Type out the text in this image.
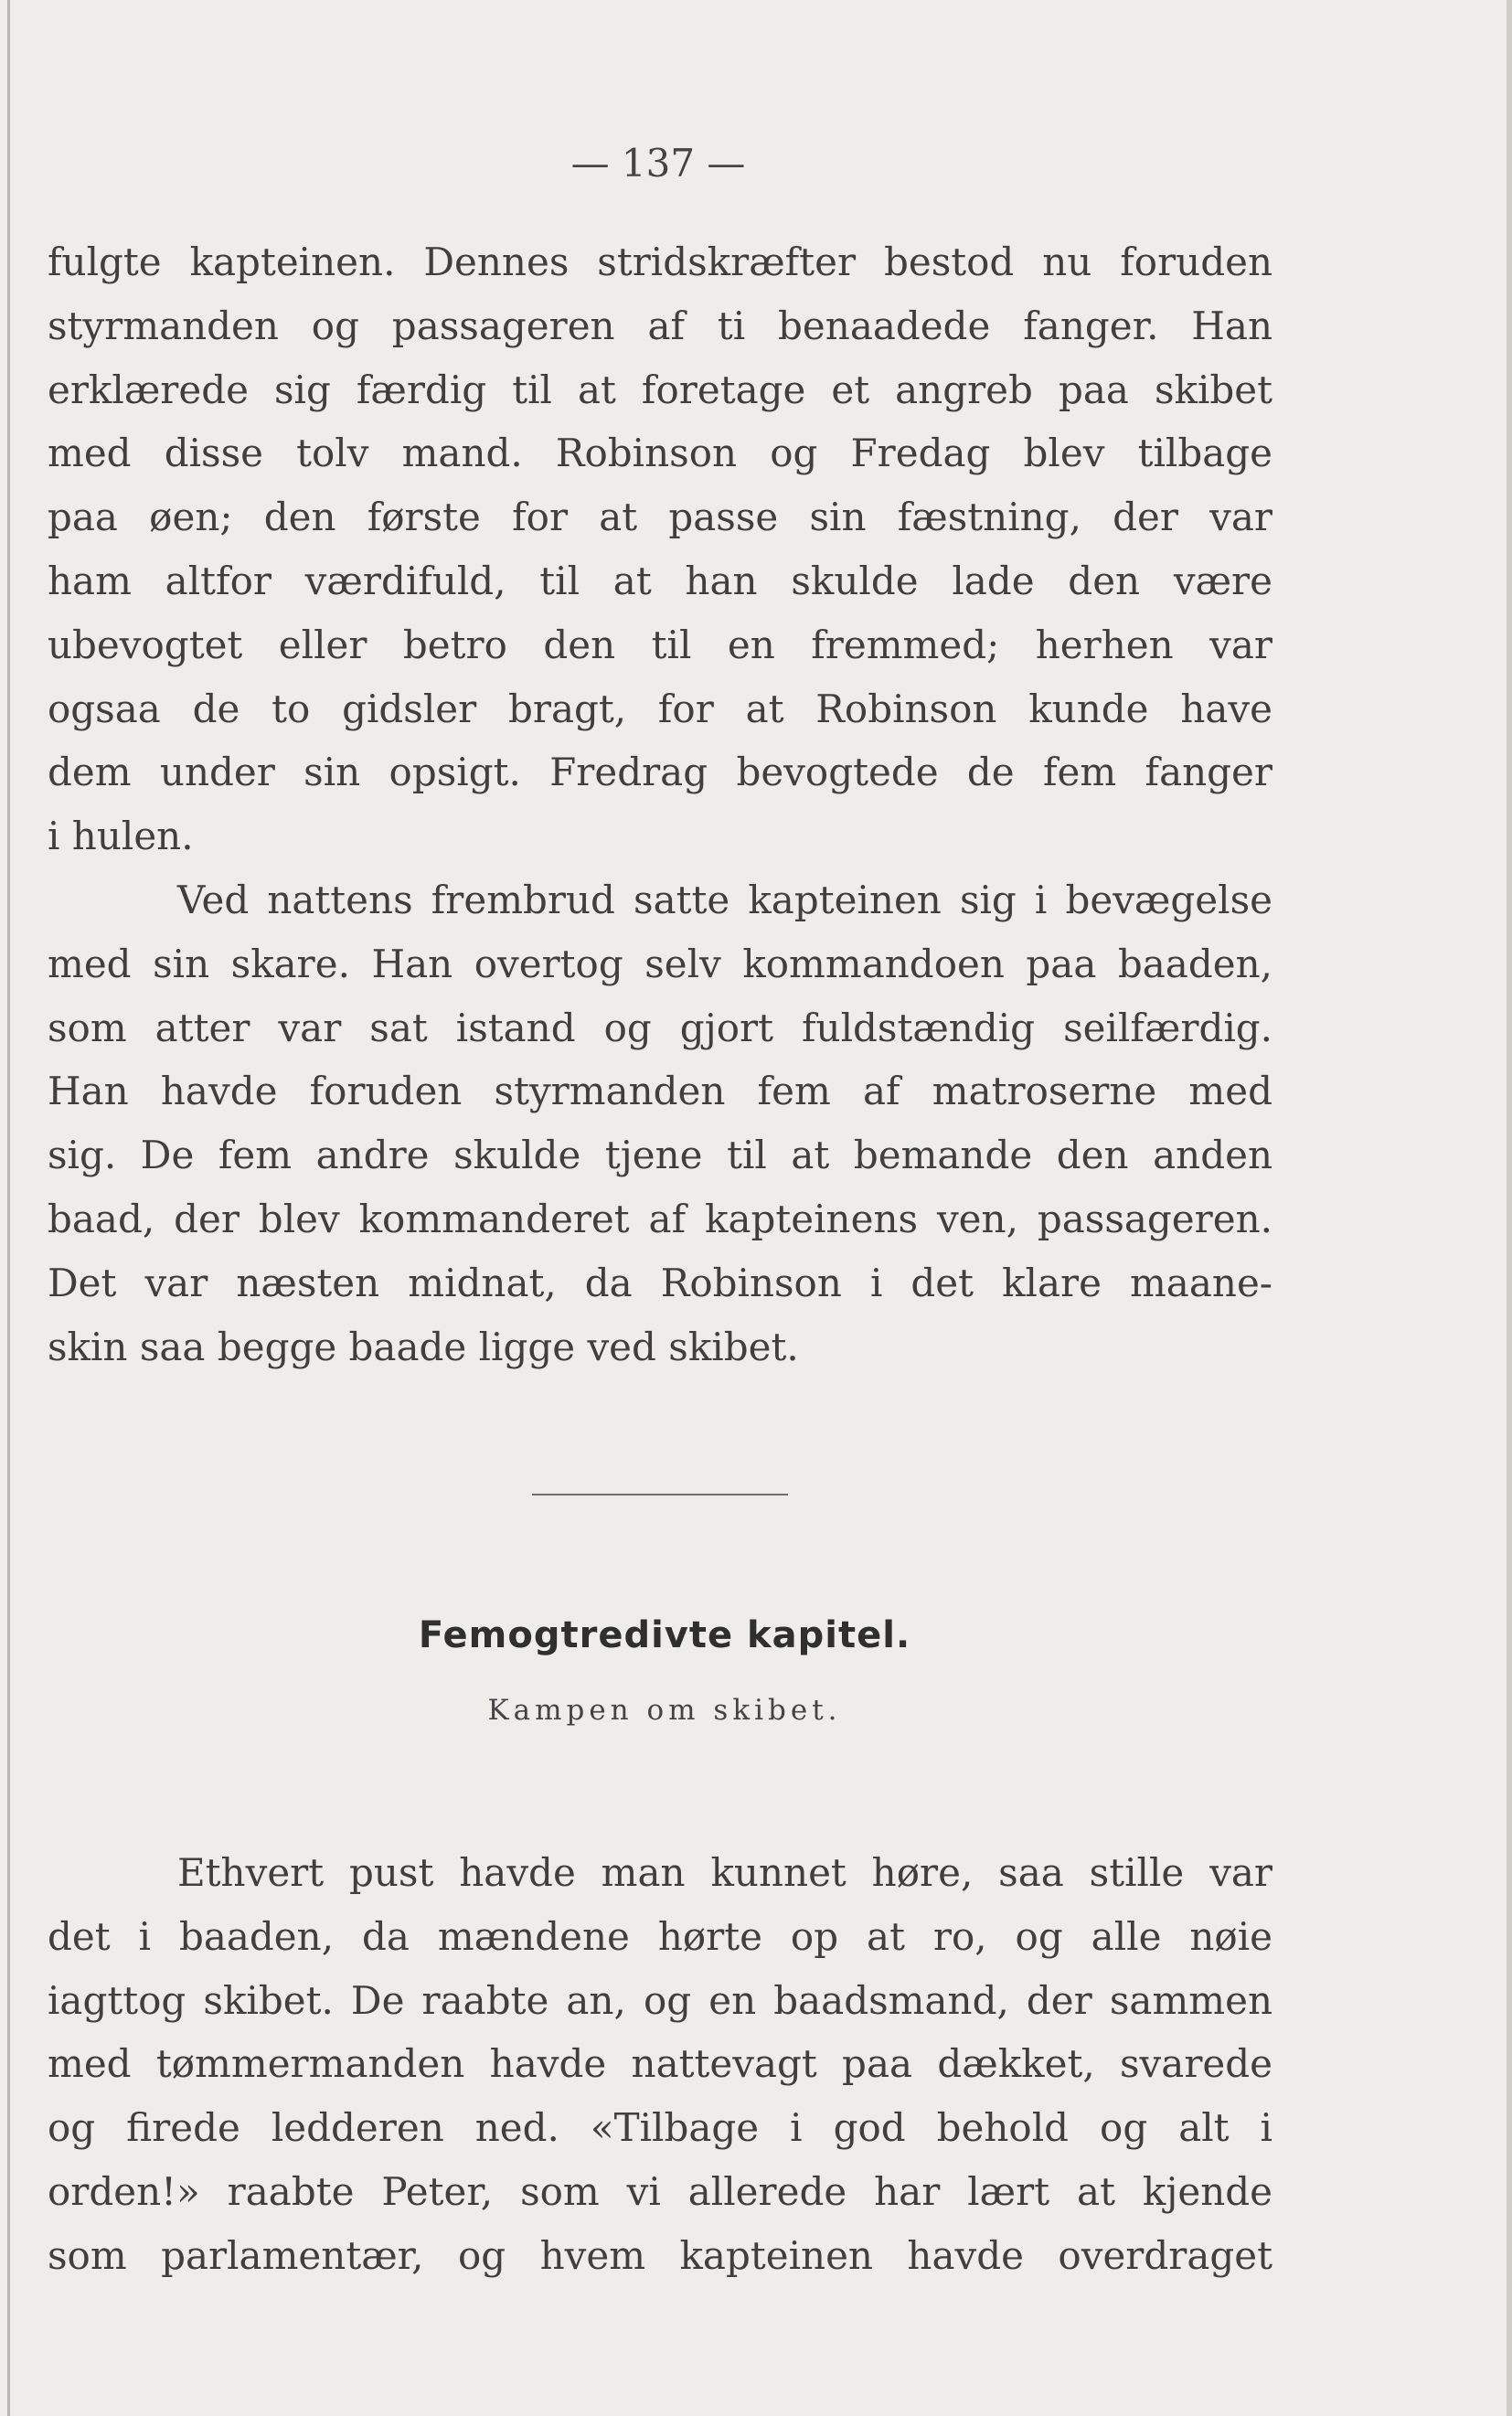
— 137 —
fulgte kapteinen. Dennes stridskræfter bestod nu foruden
styrmanden og passageren af ti benaadede fanger. Han
erklærede sig færdig til at foretage et angreb paa skibet
med disse tolv mand. Robinson og Fredag blev tilbage
paa øen; den første for at passe sin fæstning, der var
ham altfor værdifuld, til at han skulde lade den være
ubevogtet eller betro den til en fremmed; herhen var
ogsaa de to gidsler bragt, for at Robinson kunde have
dem under sin opsigt. Fredrag bevogtede de fem fanger
i hulen.
Ved nattens frembrud satte kapteinen sig i bevægelse
med sin skare. Han overtog selv kommandoen paa baaden,
som atter var sat istand og gjort fuldstændig seilfærdig.
Han havde foruden styrmanden fem af matroserne med
sig. De fem andre skulde tjene til at bemande den anden
baad, der blev kommanderet af kapteinens ven, passageren.
Det var næsten midnat, da Robinson i det klare maane-
skin saa begge baade ligge ved skibet.
Femogtredivte kapitel.
Kampen om skibet.
Ethvert pust havde man kunnet høre, saa stille var
det i baaden, da mændene hørte op at ro, og alle nøie
iagttog skibet. De raabte an, og en baadsmand, der sammen
med tømmermanden havde nattevagt paa dækket, svarede
og firede ledderen ned. «Tilbage i god behold og alt i
orden!» raabte Peter, som vi allerede har lært at kjende
som parlamentær, og hvem kapteinen havde overdraget
